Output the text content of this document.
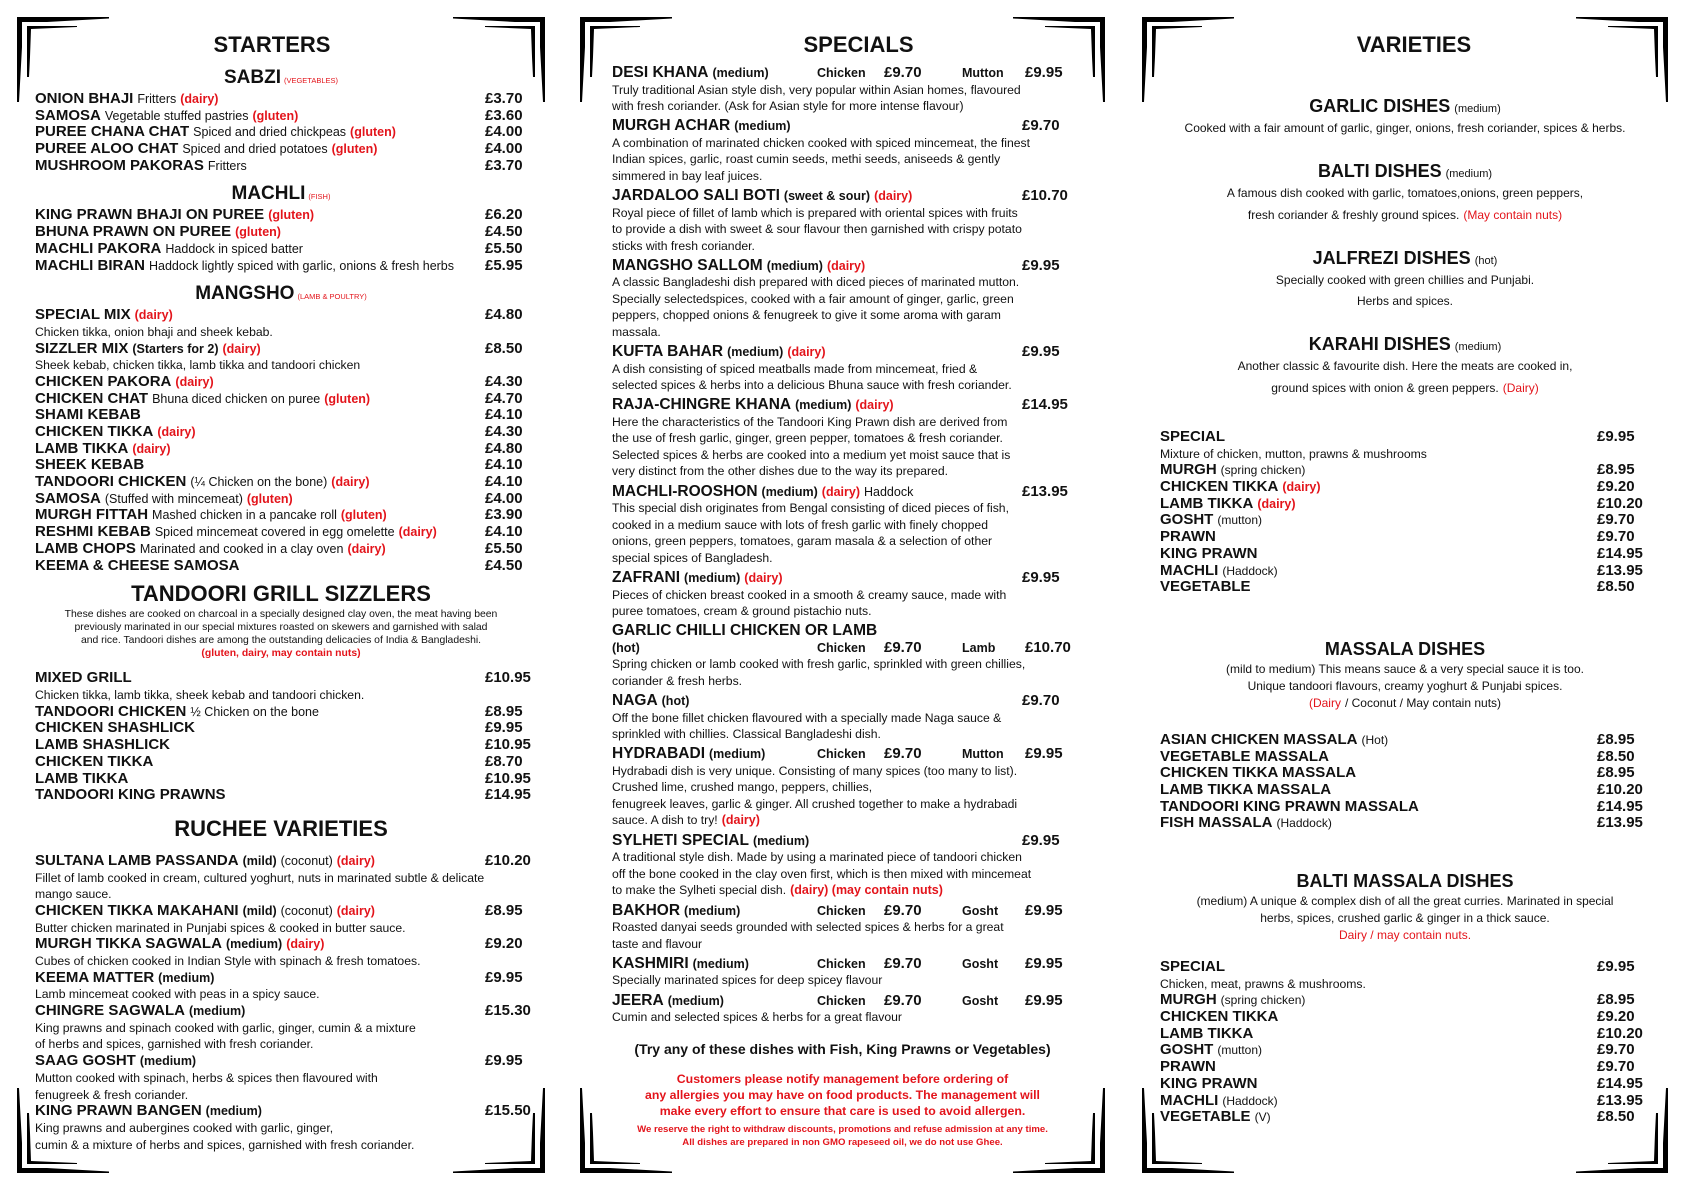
STARTERS
SABZI (VEGETABLES)
ONION BHAJI Fritters (dairy)	£3.70
SAMOSA Vegetable stuffed pastries (gluten)	£3.60
PUREE CHANA CHAT Spiced and dried chickpeas (gluten)	£4.00
PUREE ALOO CHAT Spiced and dried potatoes (gluten)	£4.00
MUSHROOM PAKORAS Fritters	£3.70
MACHLI (FISH)
KING PRAWN BHAJI ON PUREE (gluten)	£6.20
BHUNA PRAWN ON PUREE (gluten)	£4.50
MACHLI PAKORA Haddock in spiced batter	£5.50
MACHLI BIRAN Haddock lightly spiced with garlic, onions & fresh herbs £5.95
MANGSHO (LAMB & POULTRY)
SPECIAL MIX (dairy)	£4.80
Chicken tikka, onion bhaji and sheek kebab.
SIZZLER MIX (Starters for 2) (dairy)	£8.50
Sheek kebab, chicken tikka, lamb tikka and tandoori chicken
CHICKEN PAKORA (dairy)	£4.30
CHICKEN CHAT Bhuna diced chicken on puree (gluten)	£4.70
SHAMI KEBAB	£4.10
CHICKEN TIKKA (dairy)	£4.30
LAMB TIKKA (dairy)	£4.80
SHEEK KEBAB	£4.10
TANDOORI CHICKEN (¼ Chicken on the bone) (dairy)	£4.10
SAMOSA (Stuffed with mincemeat) (gluten)	£4.00
MURGH FITTAH Mashed chicken in a pancake roll (gluten)	£3.90
RESHMI KEBAB Spiced mincemeat covered in egg omelette (dairy)	£4.10
LAMB CHOPS Marinated and cooked in a clay oven (dairy)	£5.50
KEEMA & CHEESE SAMOSA	£4.50
TANDOORI GRILL SIZZLERS
These dishes are cooked on charcoal in a specially designed clay oven, the meat having been
previously marinated in our special mixtures roasted on skewers and garnished with salad
and rice. Tandoori dishes are among the outstanding delicacies of India & Bangladeshi.
(gluten, dairy, may contain nuts)
MIXED GRILL	£10.95
Chicken tikka, lamb tikka, sheek kebab and tandoori chicken.
TANDOORI CHICKEN ½ Chicken on the bone	£8.95
CHICKEN SHASHLICK	£9.95
LAMB SHASHLICK	£10.95
CHICKEN TIKKA	£8.70
LAMB TIKKA	£10.95
TANDOORI KING PRAWNS	£14.95
RUCHEE VARIETIES
SULTANA LAMB PASSANDA (mild) (coconut) (dairy)	£10.20
Fillet of lamb cooked in cream, cultured yoghurt, nuts in marinated subtle & delicate
mango sauce.
CHICKEN TIKKA MAKAHANI (mild) (coconut) (dairy)	£8.95
Butter chicken marinated in Punjabi spices & cooked in butter sauce.
MURGH TIKKA SAGWALA (medium) (dairy)	£9.20
Cubes of chicken cooked in Indian Style with spinach & fresh tomatoes.
KEEMA MATTER (medium)	£9.95
Lamb mincemeat cooked with peas in a spicy sauce.
CHINGRE SAGWALA (medium)	£15.30
King prawns and spinach cooked with garlic, ginger, cumin & a mixture
of herbs and spices, garnished with fresh coriander.
SAAG GOSHT (medium)	£9.95
Mutton cooked with spinach, herbs & spices then flavoured with
fenugreek & fresh coriander.
KING PRAWN BANGEN (medium)	£15.50
King prawns and aubergines cooked with garlic, ginger,
cumin & a mixture of herbs and spices, garnished with fresh coriander.
SPECIALS
DESI KHANA (medium)	Chicken £9.70	Mutton £9.95
Truly traditional Asian style dish, very popular within Asian homes, flavoured
with fresh coriander. (Ask for Asian style for more intense flavour)
MURGH ACHAR (medium)	£9.70
A combination of marinated chicken cooked with spiced mincemeat, the finest
Indian spices, garlic, roast cumin seeds, methi seeds, aniseeds & gently
simmered in bay leaf juices.
JARDALOO SALI BOTI (sweet & sour) (dairy)	£10.70
Royal piece of fillet of lamb which is prepared with oriental spices with fruits
to provide a dish with sweet & sour flavour then garnished with crispy potato
sticks with fresh coriander.
MANGSHO SALLOM (medium) (dairy)	£9.95
A classic Bangladeshi dish prepared with diced pieces of marinated mutton.
Specially selectedspices, cooked with a fair amount of ginger, garlic, green
peppers, chopped onions & fenugreek to give it some aroma with garam
massala.
KUFTA BAHAR (medium) (dairy)	£9.95
A dish consisting of spiced meatballs made from mincemeat, fried &
selected spices & herbs into a delicious Bhuna sauce with fresh coriander.
RAJA-CHINGRE KHANA (medium) (dairy)	£14.95
Here the characteristics of the Tandoori King Prawn dish are derived from
the use of fresh garlic, ginger, green pepper, tomatoes & fresh coriander.
Selected spices & herbs are cooked into a medium yet moist sauce that is
very distinct from the other dishes due to the way its prepared.
MACHLI-ROOSHON (medium) (dairy) Haddock	£13.95
This special dish originates from Bengal consisting of diced pieces of fish,
cooked in a medium sauce with lots of fresh garlic with finely chopped
onions, green peppers, tomatoes, garam masala & a selection of other
special spices of Bangladesh.
ZAFRANI (medium) (dairy)	£9.95
Pieces of chicken breast cooked in a smooth & creamy sauce, made with
puree tomatoes, cream & ground pistachio nuts.
GARLIC CHILLI CHICKEN OR LAMB
(hot)	Chicken £9.70	Lamb £10.70
Spring chicken or lamb cooked with fresh garlic, sprinkled with green chillies,
coriander & fresh herbs.
NAGA (hot)	£9.70
Off the bone fillet chicken flavoured with a specially made Naga sauce &
sprinkled with chillies. Classical Bangladeshi dish.
HYDRABADI (medium)	Chicken £9.70	Mutton £9.95
Hydrabadi dish is very unique. Consisting of many spices (too many to list).
Crushed lime, crushed mango, peppers, chillies,
fenugreek leaves, garlic & ginger. All crushed together to make a hydrabadi
sauce. A dish to try! (dairy)
SYLHETI SPECIAL (medium)	£9.95
A traditional style dish. Made by using a marinated piece of tandoori chicken
off the bone cooked in the clay oven first, which is then mixed with mincemeat
to make the Sylheti special dish. (dairy) (may contain nuts)
BAKHOR (medium)	Chicken £9.70	Gosht £9.95
Roasted danyai seeds grounded with selected spices & herbs for a great
taste and flavour
KASHMIRI (medium)	Chicken £9.70	Gosht £9.95
Specially marinated spices for deep spicey flavour
JEERA (medium)	Chicken £9.70	Gosht £9.95
Cumin and selected spices & herbs for a great flavour
(Try any of these dishes with Fish, King Prawns or Vegetables)
Customers please notify management before ordering of
any allergies you may have on food products. The management will
make every effort to ensure that care is used to avoid allergen.
We reserve the right to withdraw discounts, promotions and refuse admission at any time.
All dishes are prepared in non GMO rapeseed oil, we do not use Ghee.
VARIETIES
GARLIC DISHES (medium)
Cooked with a fair amount of garlic, ginger, onions, fresh coriander, spices & herbs.
BALTI DISHES (medium)
A famous dish cooked with garlic, tomatoes,onions, green peppers,
fresh coriander & freshly ground spices. (May contain nuts)
JALFREZI DISHES (hot)
Specially cooked with green chillies and Punjabi.
Herbs and spices.
KARAHI DISHES (medium)
Another classic & favourite dish. Here the meats are cooked in,
ground spices with onion & green peppers. (Dairy)
SPECIAL	£9.95
Mixture of chicken, mutton, prawns & mushrooms
MURGH (spring chicken)	£8.95
CHICKEN TIKKA (dairy)	£9.20
LAMB TIKKA (dairy)	£10.20
GOSHT (mutton)	£9.70
PRAWN	£9.70
KING PRAWN	£14.95
MACHLI (Haddock)	£13.95
VEGETABLE	£8.50
MASSALA DISHES
(mild to medium) This means sauce & a very special sauce it is too.
Unique tandoori flavours, creamy yoghurt & Punjabi spices.
(Dairy / Coconut / May contain nuts)
ASIAN CHICKEN MASSALA (Hot)	£8.95
VEGETABLE MASSALA	£8.50
CHICKEN TIKKA MASSALA	£8.95
LAMB TIKKA MASSALA	£10.20
TANDOORI KING PRAWN MASSALA	£14.95
FISH MASSALA (Haddock)	£13.95
BALTI MASSALA DISHES
(medium) A unique & complex dish of all the great curries. Marinated in special
herbs, spices, crushed garlic & ginger in a thick sauce.
Dairy / may contain nuts.
SPECIAL	£9.95
Chicken, meat, prawns & mushrooms.
MURGH (spring chicken)	£8.95
CHICKEN TIKKA	£9.20
LAMB TIKKA	£10.20
GOSHT (mutton)	£9.70
PRAWN	£9.70
KING PRAWN	£14.95
MACHLI (Haddock)	£13.95
VEGETABLE (V)	£8.50
